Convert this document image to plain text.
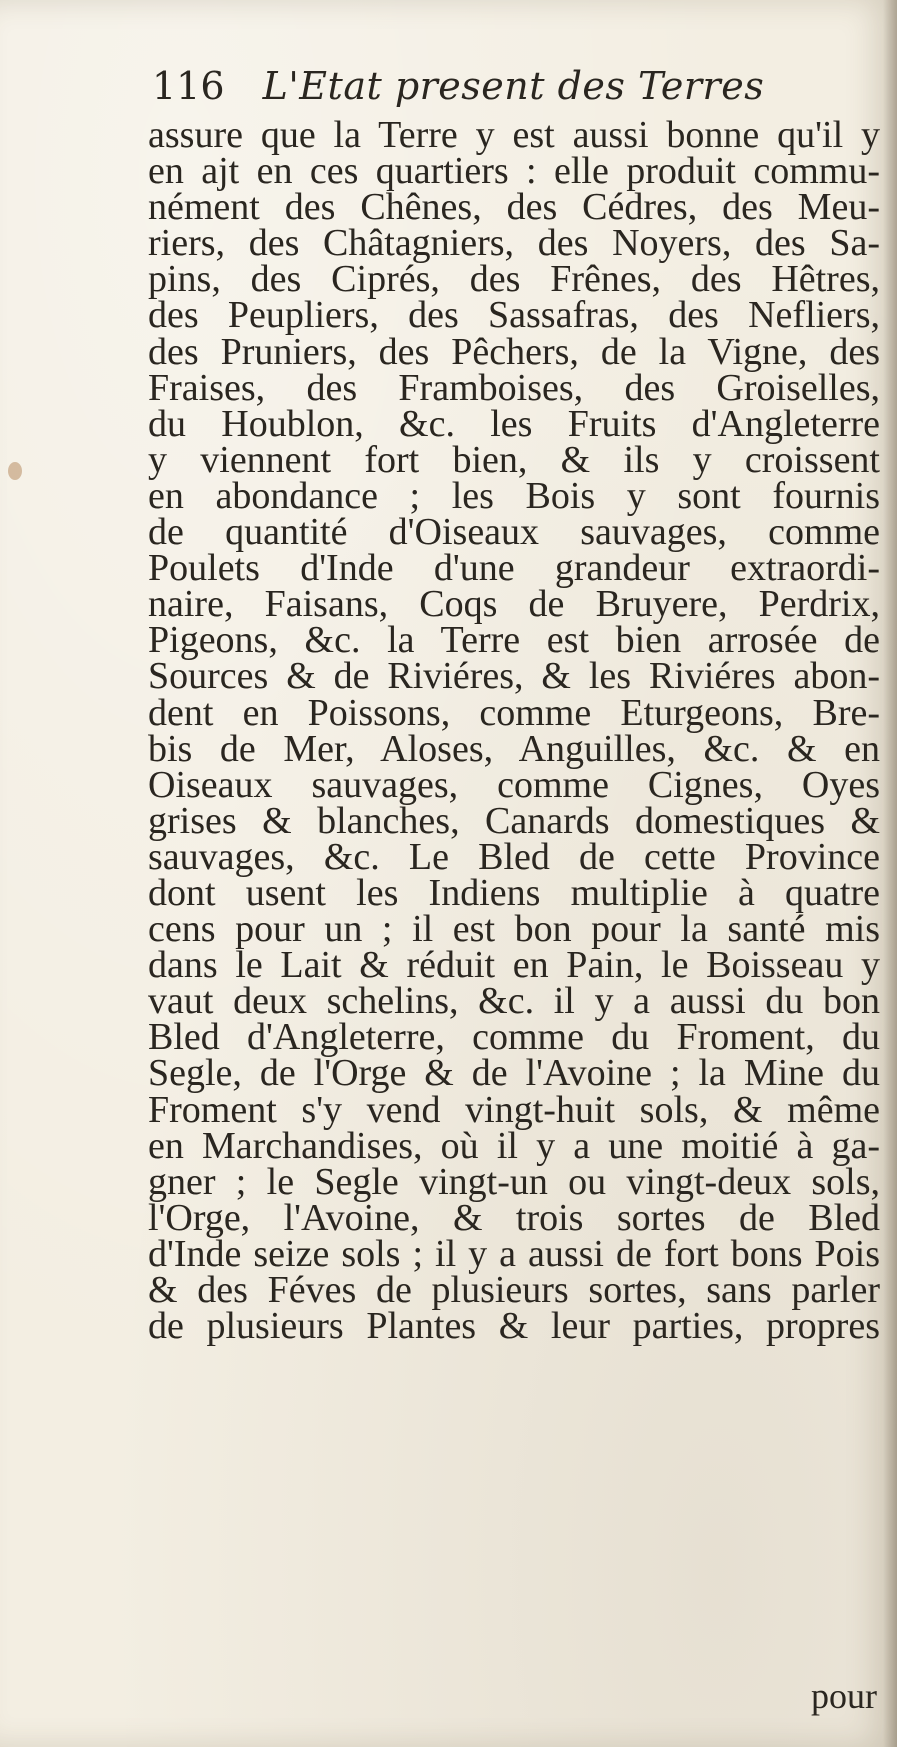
116 L'Etat present des Terres
assure que la Terre y est aussi bonne qu'il y
en ajt en ces quartiers : elle produit commu-
nément des Chênes, des Cédres, des Meu-
riers, des Châtagniers, des Noyers, des Sa-
pins, des Ciprés, des Frênes, des Hêtres,
des Peupliers, des Sassafras, des Nefliers,
des Pruniers, des Pêchers, de la Vigne, des
Fraises, des Framboises, des Groiselles,
du Houblon, &c. les Fruits d'Angleterre
y viennent fort bien, & ils y croissent
en abondance ; les Bois y sont fournis
de quantité d'Oiseaux sauvages, comme
Poulets d'Inde d'une grandeur extraordi-
naire, Faisans, Coqs de Bruyere, Perdrix,
Pigeons, &c. la Terre est bien arrosée de
Sources & de Riviéres, & les Riviéres abon-
dent en Poissons, comme Eturgeons, Bre-
bis de Mer, Aloses, Anguilles, &c. & en
Oiseaux sauvages, comme Cignes, Oyes
grises & blanches, Canards domestiques &
sauvages, &c. Le Bled de cette Province
dont usent les Indiens multiplie à quatre
cens pour un ; il est bon pour la santé mis
dans le Lait & réduit en Pain, le Boisseau y
vaut deux schelins, &c. il y a aussi du bon
Bled d'Angleterre, comme du Froment, du
Segle, de l'Orge & de l'Avoine ; la Mine du
Froment s'y vend vingt-huit sols, & même
en Marchandises, où il y a une moitié à ga-
gner ; le Segle vingt-un ou vingt-deux sols,
l'Orge, l'Avoine, & trois sortes de Bled
d'Inde seize sols ; il y a aussi de fort bons Pois
& des Féves de plusieurs sortes, sans parler
de plusieurs Plantes & leur parties, propres
pour
